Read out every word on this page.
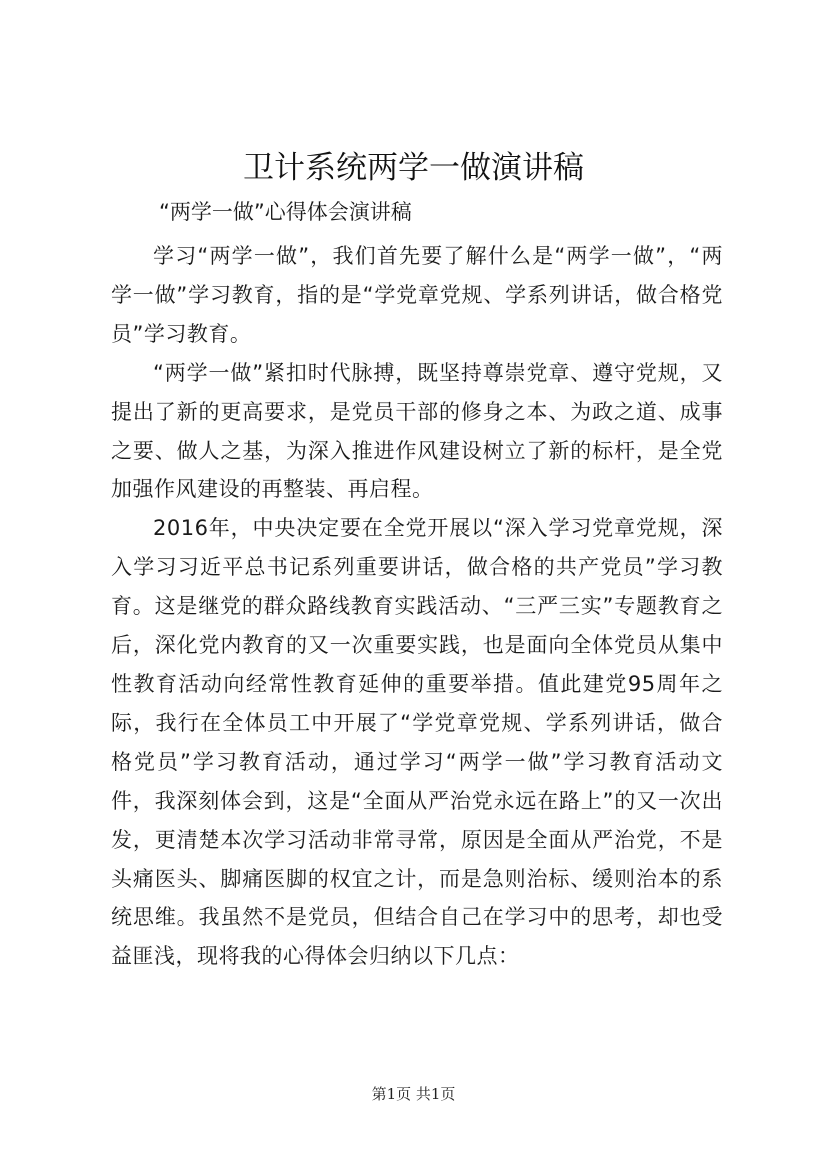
卫计系统两学一做演讲稿

“两学一做”心得体会演讲稿

学习“两学一做”，我们首先要了解什么是“两学一做”，“两学一做”学习教育，指的是“学党章党规、学系列讲话，做合格党员”学习教育。

“两学一做”紧扣时代脉搏，既坚持尊崇党章、遵守党规，又提出了新的更高要求，是党员干部的修身之本、为政之道、成事之要、做人之基，为深入推进作风建设树立了新的标杆，是全党加强作风建设的再整装、再启程。

2016年，中央决定要在全党开展以“深入学习党章党规，深入学习习近平总书记系列重要讲话，做合格的共产党员”学习教育。这是继党的群众路线教育实践活动、“三严三实”专题教育之后，深化党内教育的又一次重要实践，也是面向全体党员从集中性教育活动向经常性教育延伸的重要举措。值此建党95周年之际，我行在全体员工中开展了“学党章党规、学系列讲话，做合格党员”学习教育活动，通过学习“两学一做”学习教育活动文件，我深刻体会到，这是“全面从严治党永远在路上”的又一次出发，更清楚本次学习活动非常寻常，原因是全面从严治党，不是头痛医头、脚痛医脚的权宜之计，而是急则治标、缓则治本的系统思维。我虽然不是党员，但结合自己在学习中的思考，却也受益匪浅，现将我的心得体会归纳以下几点：

第1页 共1页
